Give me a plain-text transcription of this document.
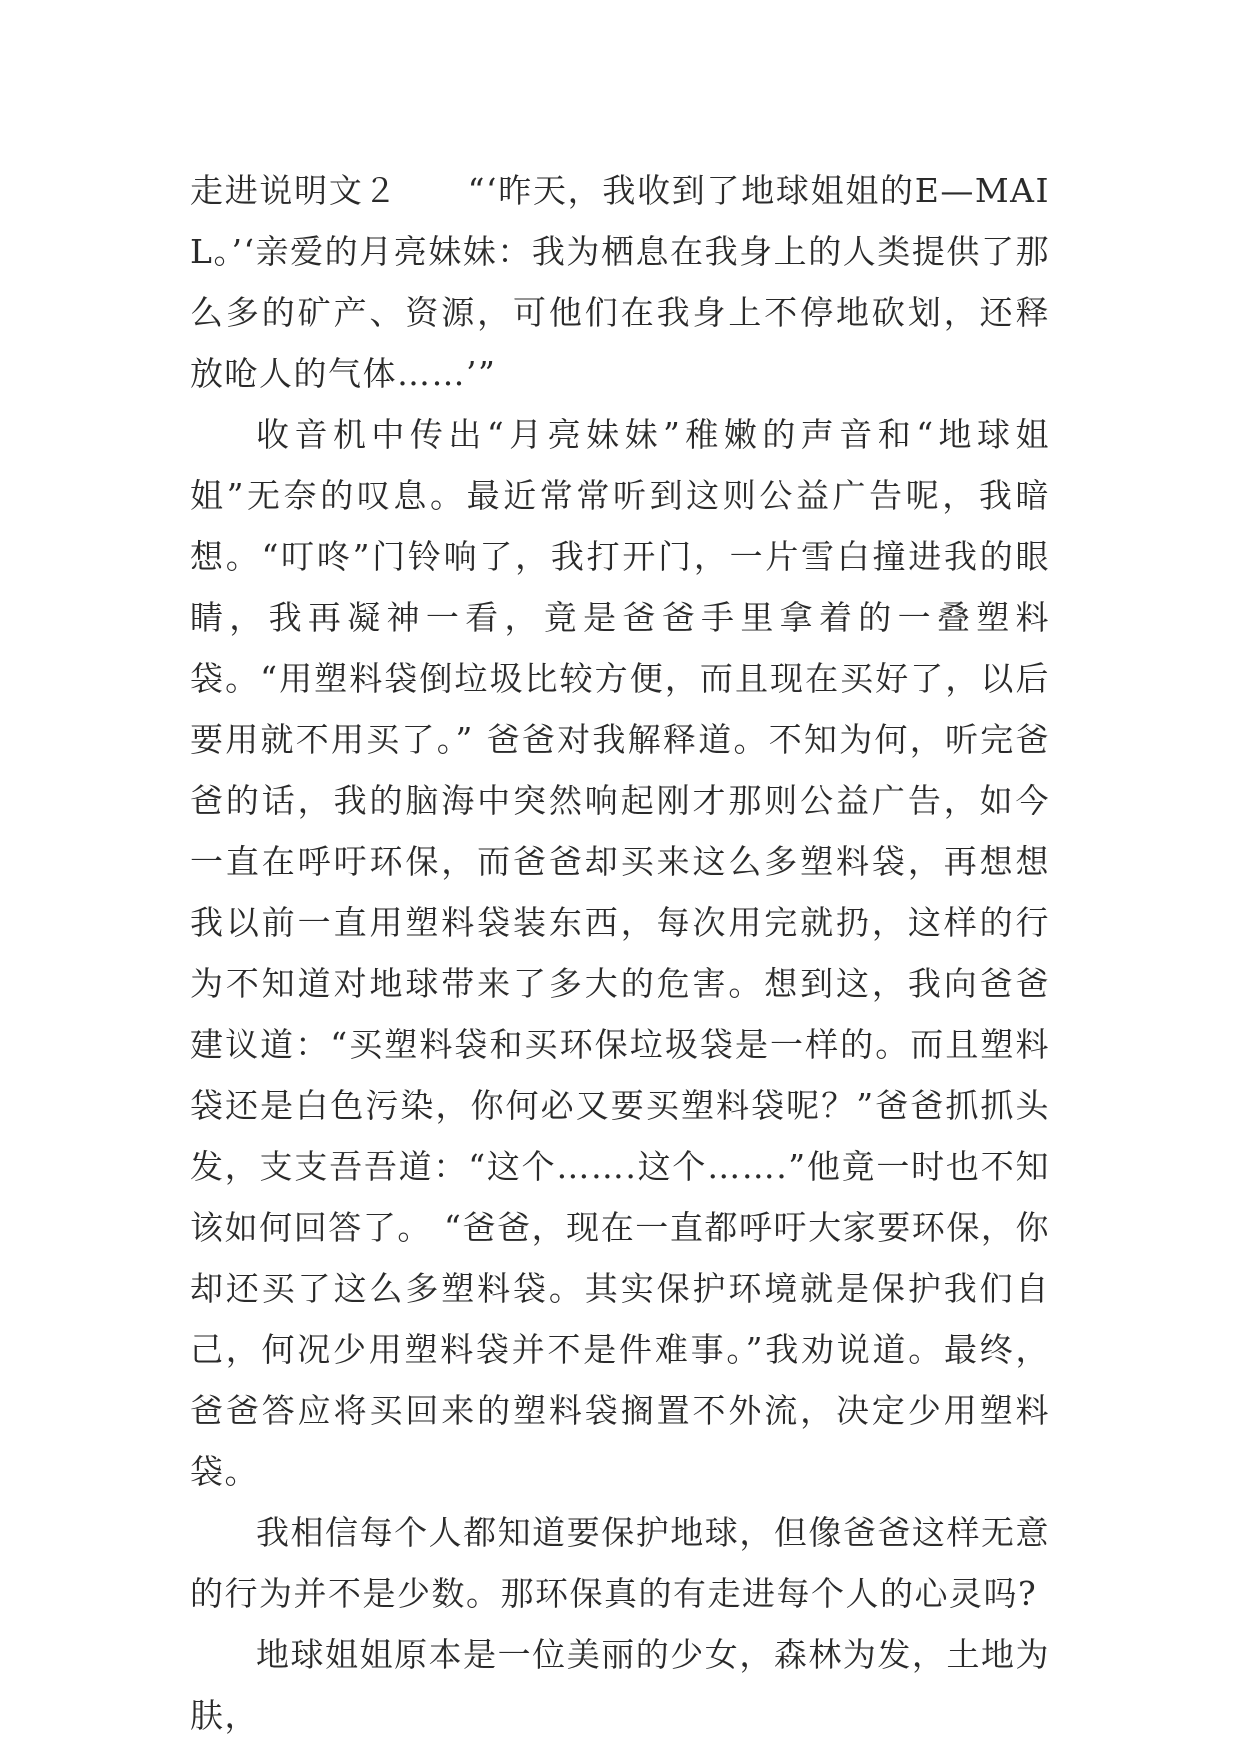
走进说明文２　　“‘昨天，我收到了地球姐姐的E—MAIL。’‘亲爱的月亮妹妹：我为栖息在我身上的人类提供了那么多的矿产、资源，可他们在我身上不停地砍划，还释放呛人的气体……’”

收音机中传出“月亮妹妹”稚嫩的声音和“地球姐姐”无奈的叹息。最近常常听到这则公益广告呢，我暗想。“叮咚”门铃响了，我打开门，一片雪白撞进我的眼睛，我再凝神一看，竟是爸爸手里拿着的一叠塑料袋。“用塑料袋倒垃圾比较方便，而且现在买好了，以后要用就不用买了。” 爸爸对我解释道。不知为何，听完爸爸的话，我的脑海中突然响起刚才那则公益广告，如今一直在呼吁环保，而爸爸却买来这么多塑料袋，再想想我以前一直用塑料袋装东西，每次用完就扔，这样的行为不知道对地球带来了多大的危害。想到这，我向爸爸建议道：“买塑料袋和买环保垃圾袋是一样的。而且塑料袋还是白色污染，你何必又要买塑料袋呢？”爸爸抓抓头发，支支吾吾道：“这个…….这个…….”他竟一时也不知该如何回答了。 “爸爸，现在一直都呼吁大家要环保，你却还买了这么多塑料袋。其实保护环境就是保护我们自己，何况少用塑料袋并不是件难事。”我劝说道。最终，爸爸答应将买回来的塑料袋搁置不外流，决定少用塑料袋。

我相信每个人都知道要保护地球，但像爸爸这样无意的行为并不是少数。那环保真的有走进每个人的心灵吗?

地球姐姐原本是一位美丽的少女，森林为发，土地为肤，
